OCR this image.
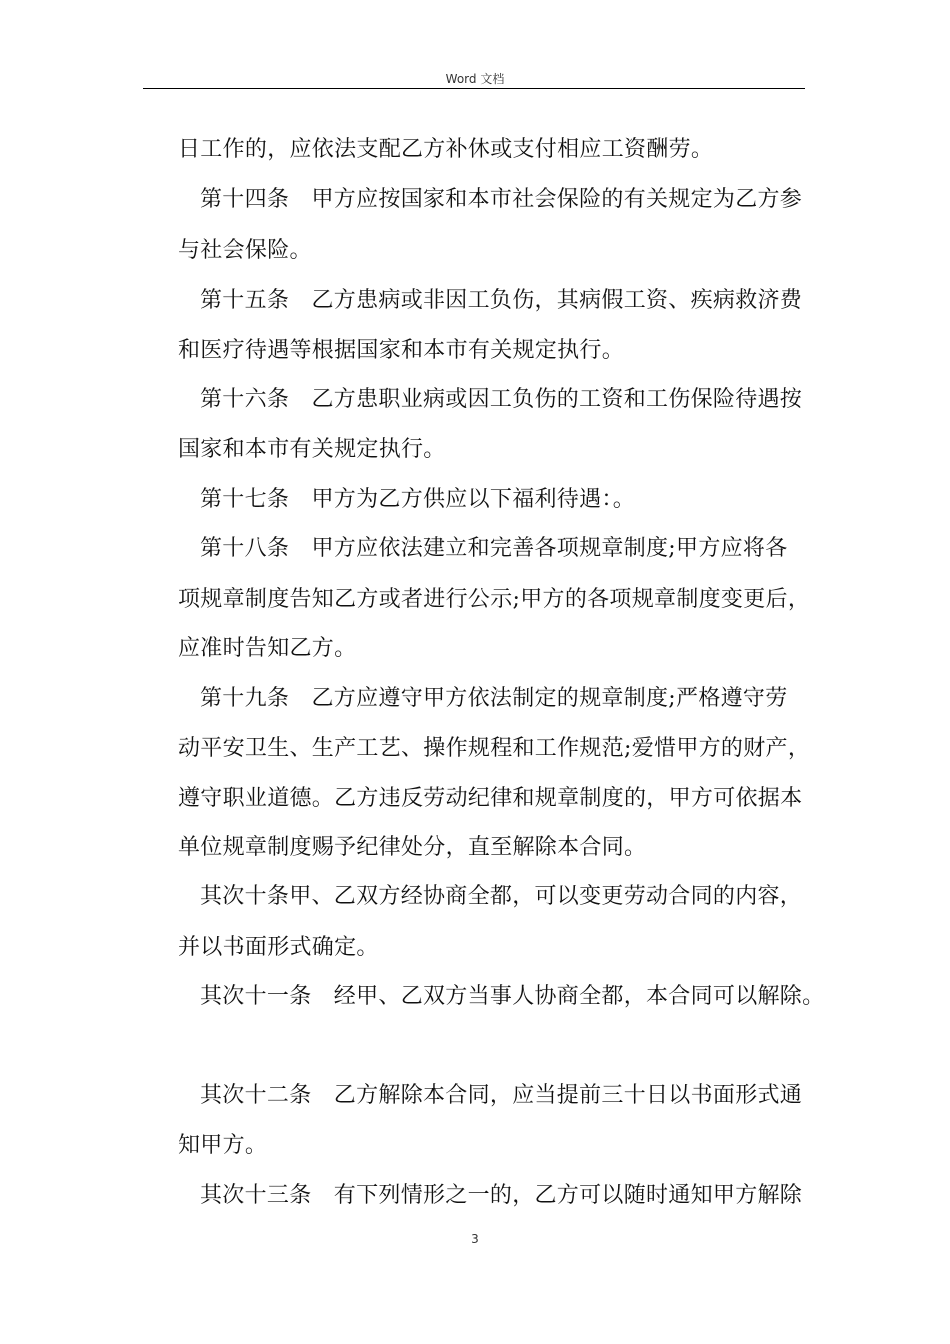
Word 文档
日工作的，应依法支配乙方补休或支付相应工资酬劳。
第十四条　甲方应按国家和本市社会保险的有关规定为乙方参
与社会保险。
第十五条　乙方患病或非因工负伤，其病假工资、疾病救济费
和医疗待遇等根据国家和本市有关规定执行。
第十六条　乙方患职业病或因工负伤的工资和工伤保险待遇按
国家和本市有关规定执行。
第十七条　甲方为乙方供应以下福利待遇：。
第十八条　甲方应依法建立和完善各项规章制度;甲方应将各
项规章制度告知乙方或者进行公示;甲方的各项规章制度变更后，
应准时告知乙方。
第十九条　乙方应遵守甲方依法制定的规章制度;严格遵守劳
动平安卫生、生产工艺、操作规程和工作规范;爱惜甲方的财产，
遵守职业道德。乙方违反劳动纪律和规章制度的，甲方可依据本
单位规章制度赐予纪律处分，直至解除本合同。
其次十条甲、乙双方经协商全都，可以变更劳动合同的内容，
并以书面形式确定。
其次十一条　经甲、乙双方当事人协商全都，本合同可以解除。
其次十二条　乙方解除本合同，应当提前三十日以书面形式通
知甲方。
其次十三条　有下列情形之一的，乙方可以随时通知甲方解除
3
